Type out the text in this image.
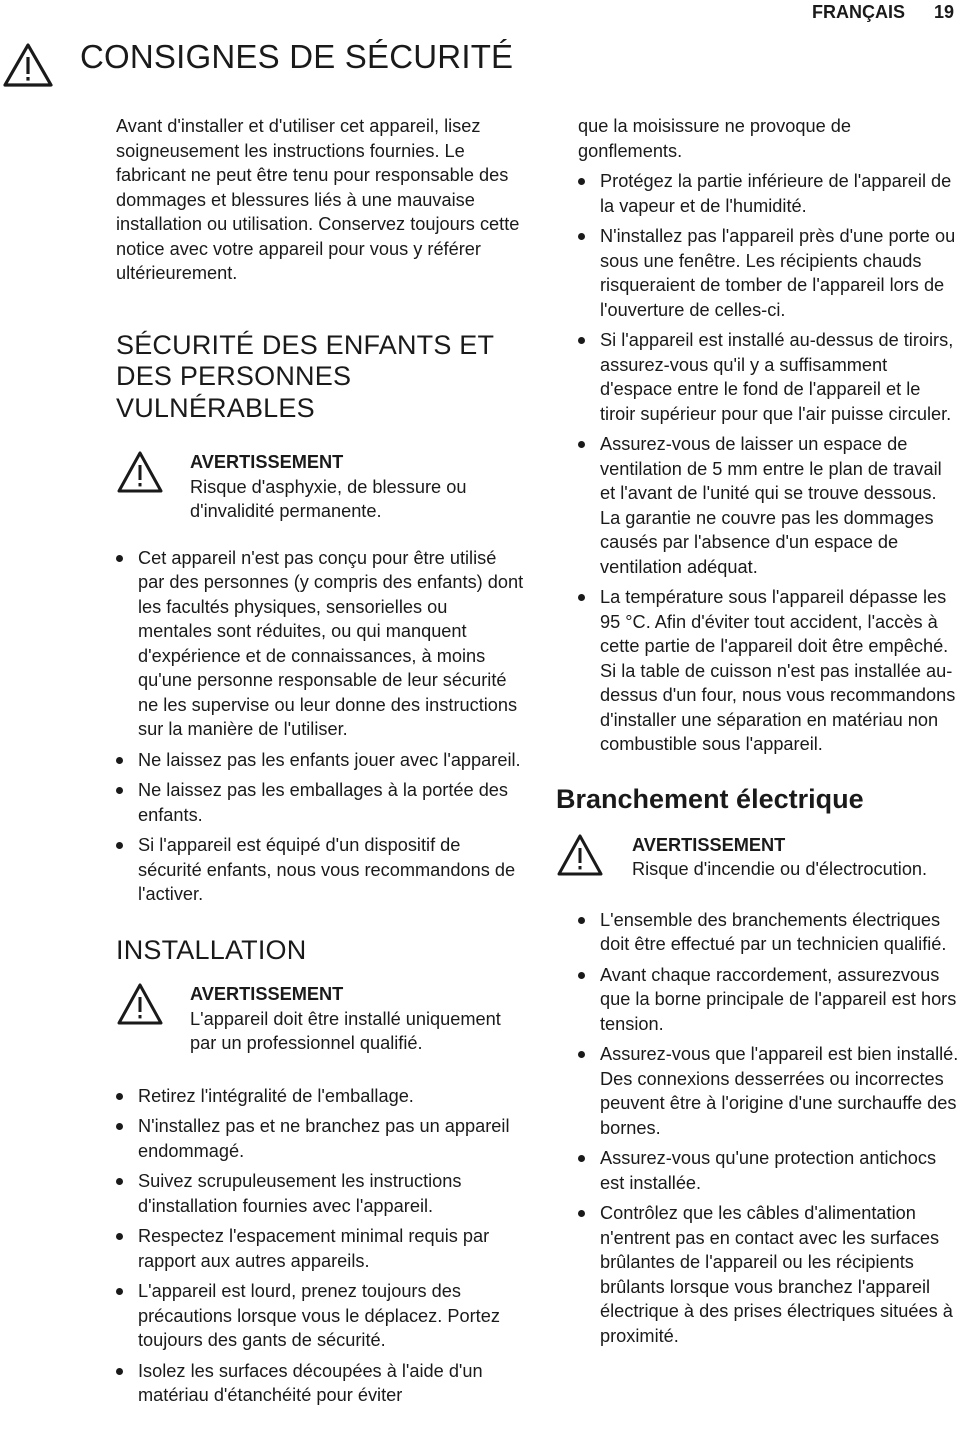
FRANÇAIS 19
CONSIGNES DE SÉCURITÉ

Avant d'installer et d'utiliser cet appareil, lisez soigneusement les instructions fournies. Le fabricant ne peut être tenu pour responsable des dommages et blessures liés à une mauvaise installation ou utilisation. Conservez toujours cette notice avec votre appareil pour vous y référer ultérieurement.

SÉCURITÉ DES ENFANTS ET DES PERSONNES VULNÉRABLES
AVERTISSEMENT
Risque d'asphyxie, de blessure ou d'invalidité permanente.
Cet appareil n'est pas conçu pour être utilisé par des personnes (y compris des enfants) dont les facultés physiques, sensorielles ou mentales sont réduites, ou qui manquent d'expérience et de connaissances, à moins qu'une personne responsable de leur sécurité ne les supervise ou leur donne des instructions sur la manière de l'utiliser.
Ne laissez pas les enfants jouer avec l'appareil.
Ne laissez pas les emballages à la portée des enfants.
Si l'appareil est équipé d'un dispositif de sécurité enfants, nous vous recommandons de l'activer.
INSTALLATION
AVERTISSEMENT
L'appareil doit être installé uniquement par un professionnel qualifié.
Retirez l'intégralité de l'emballage.
N'installez pas et ne branchez pas un appareil endommagé.
Suivez scrupuleusement les instructions d'installation fournies avec l'appareil.
Respectez l'espacement minimal requis par rapport aux autres appareils.
L'appareil est lourd, prenez toujours des précautions lorsque vous le déplacez. Portez toujours des gants de sécurité.
Isolez les surfaces découpées à l'aide d'un matériau d'étanchéité pour éviter

que la moisissure ne provoque de gonflements.

Protégez la partie inférieure de l'appareil de la vapeur et de l'humidité.
N'installez pas l'appareil près d'une porte ou sous une fenêtre. Les récipients chauds risqueraient de tomber de l'appareil lors de l'ouverture de celles-ci.
Si l'appareil est installé au-dessus de tiroirs, assurez-vous qu'il y a suffisamment d'espace entre le fond de l'appareil et le tiroir supérieur pour que l'air puisse circuler.
Assurez-vous de laisser un espace de ventilation de 5 mm entre le plan de travail et l'avant de l'unité qui se trouve dessous. La garantie ne couvre pas les dommages causés par l'absence d'un espace de ventilation adéquat.
La température sous l'appareil dépasse les 95 °C. Afin d'éviter tout accident, l'accès à cette partie de l'appareil doit être empêché. Si la table de cuisson n'est pas installée au-dessus d'un four, nous vous recommandons d'installer une séparation en matériau non combustible sous l'appareil.
Branchement électrique
AVERTISSEMENT
Risque d'incendie ou d'électrocution.
L'ensemble des branchements électriques doit être effectué par un technicien qualifié.
Avant chaque raccordement, assurezvous que la borne principale de l'appareil est hors tension.
Assurez-vous que l'appareil est bien installé. Des connexions desserrées ou incorrectes peuvent être à l'origine d'une surchauffe des bornes.
Assurez-vous qu'une protection antichocs est installée.
Contrôlez que les câbles d'alimentation n'entrent pas en contact avec les surfaces brûlantes de l'appareil ou les récipients brûlants lorsque vous branchez l'appareil électrique à des prises électriques situées à proximité.
